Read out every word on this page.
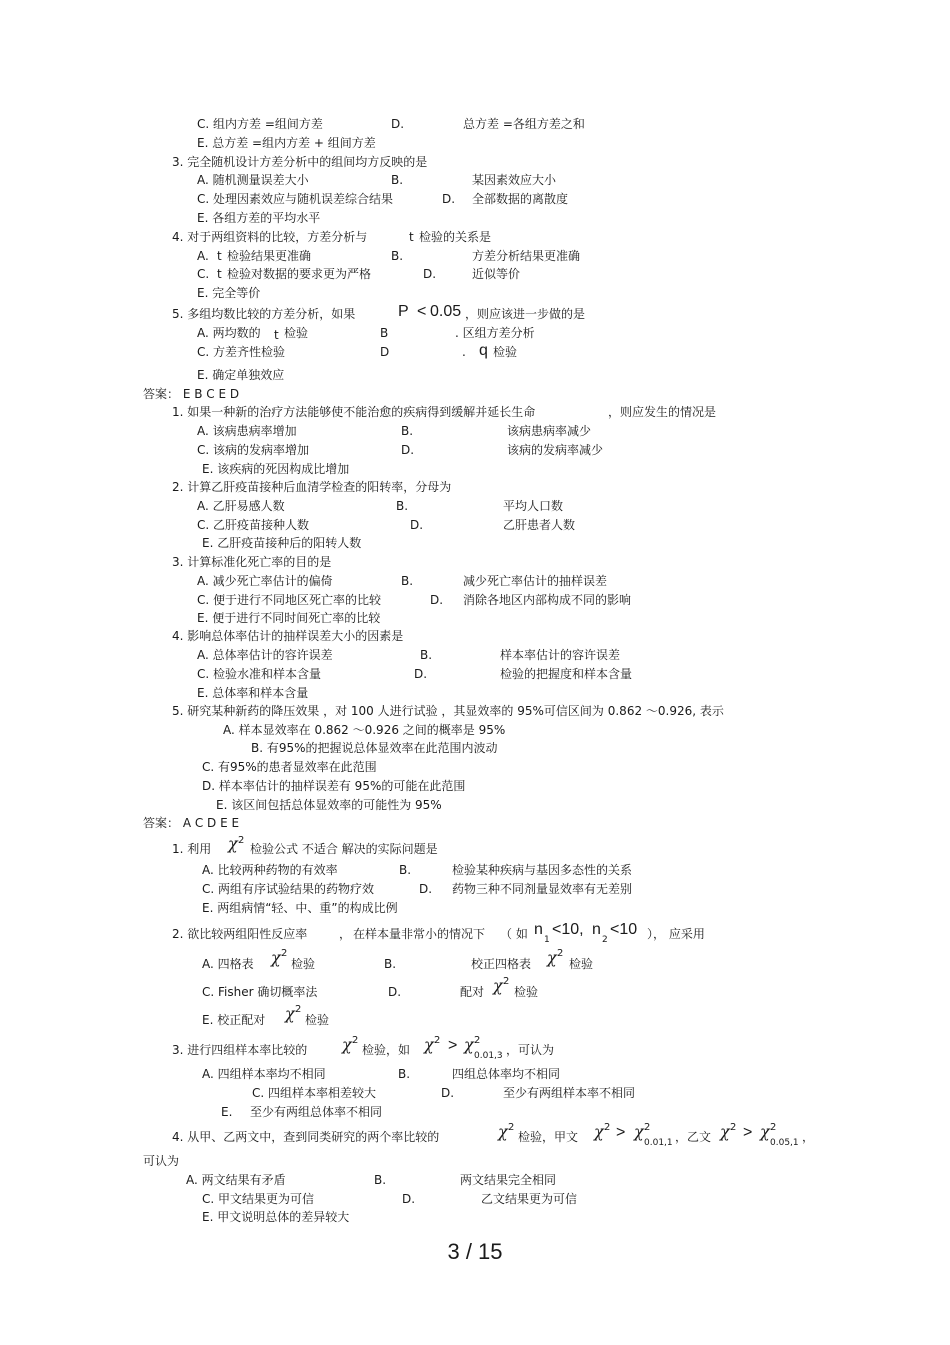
C. 组内方差 =组间方差	D.	总方差 =各组方差之和
E. 总方差 =组内方差 + 组间方差
3. 完全随机设计方差分析中的组间均方反映的是
A. 随机测量误差大小	B.	某因素效应大小
C. 处理因素效应与随机误差综合结果	D. 全部数据的离散度
E. 各组方差的平均水平
4. 对于两组资料的比较，方差分析与	t 检验的关系是
A. t 检验结果更准确	B.	方差分析结果更准确
C. t 检验对数据的要求更为严格	D.	近似等价
E. 完全等价
5. 多组均数比较的方差分析，如果	P < 0.05 ，则应该进一步做的是
A. 两均数的 t 检验	B	. 区组方差分析
C. 方差齐性检验	D	. q 检验
E. 确定单独效应
答案： E B C E D
1. 如果一种新的治疗方法能够使不能治愈的疾病得到缓解并延长生命	，则应发生的情况是
A. 该病患病率增加	B.	该病患病率减少
C. 该病的发病率增加	D.	该病的发病率减少
E. 该疾病的死因构成比增加
2. 计算乙肝疫苗接种后血清学检查的阳转率，分母为
A. 乙肝易感人数	B.	平均人口数
C. 乙肝疫苗接种人数	D.	乙肝患者人数
E. 乙肝疫苗接种后的阳转人数
3. 计算标准化死亡率的目的是
A. 减少死亡率估计的偏倚	B.	减少死亡率估计的抽样误差
C. 便于进行不同地区死亡率的比较	D. 消除各地区内部构成不同的影响
E. 便于进行不同时间死亡率的比较
4. 影响总体率估计的抽样误差大小的因素是
A. 总体率估计的容许误差	B.	样本率估计的容许误差
C. 检验水准和样本含量	D.	检验的把握度和样本含量
E. 总体率和样本含量
5. 研究某种新药的降压效果 ，对 100 人进行试验 ，其显效率的 95%可信区间为 0.862 ～0.926, 表示
A. 样本显效率在 0.862 ～0.926 之间的概率是 95%
B. 有95%的把握说总体显效率在此范围内波动
C. 有95%的患者显效率在此范围
D. 样本率估计的抽样误差有 95%的可能在此范围
E. 该区间包括总体显效率的可能性为 95%
答案： A C D E E
1. 利用 χ 2
检验公式 不适合 解决的实际问题是
A. 比较两种药物的有效率	B.	检验某种疾病与基因多态性的关系
C. 两组有序试验结果的药物疗效	D. 药物三种不同剂量显效率有无差别
E. 两组病情“轻、中、重”的构成比例
2. 欲比较两组阳性反应率	， 在样本量非常小的情况下 （ 如 n
1
<10, n
2
<10 ）， 应采用
A. 四格表 χ 2
检验	B.	校正四格表 χ 2
检验
C. Fisher 确切概率法	D.	配对 χ 2
检验
E. 校正配对 χ 2
检验
3. 进行四组样本率比较的 χ 2
检验，如 χ 2 > χ 2
0.01,3 ，可认为
A. 四组样本率均不相同	B.	四组总体率均不相同
C. 四组样本率相差较大	D.	至少有两组样本率不相同
E. 至少有两组总体率不相同
4. 从甲、乙两文中，查到同类研究的两个率比较的	χ 2
检验，甲文 χ 2 > χ 2
0.01,1 ，乙文 χ 2 > χ 2
0.05,1 ，
可认为
A. 两文结果有矛盾	B.	两文结果完全相同
C. 甲文结果更为可信	D.	乙文结果更为可信
E. 甲文说明总体的差异较大
3 / 15
